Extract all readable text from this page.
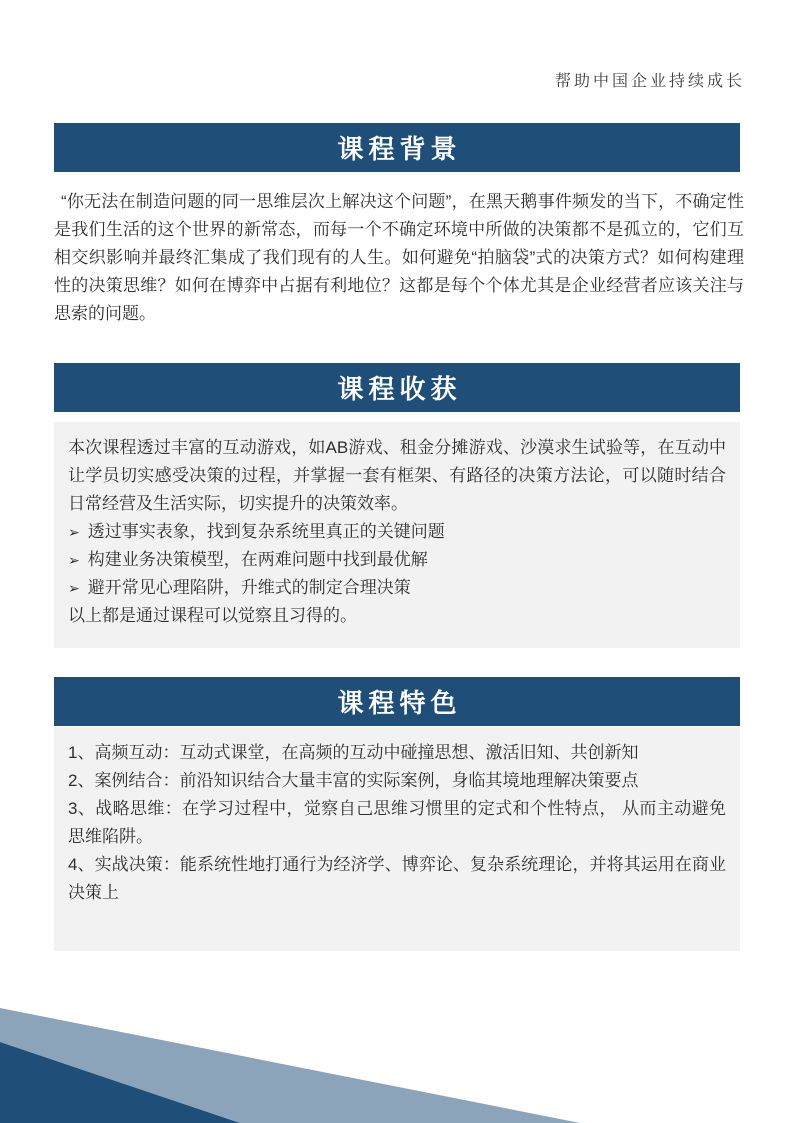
帮助中国企业持续成长
课程背景

“你无法在制造问题的同一思维层次上解决这个问题”，在黑天鹅事件频发的当下，不确定性是我们生活的这个世界的新常态，而每一个不确定环境中所做的决策都不是孤立的，它们互相交织影响并最终汇集成了我们现有的人生。如何避免“拍脑袋”式的决策方式？如何构建理性的决策思维？如何在博弈中占据有利地位？这都是每个个体尤其是企业经营者应该关注与思索的问题。

课程收获

本次课程透过丰富的互动游戏，如AB游戏、租金分摊游戏、沙漠求生试验等，在互动中让学员切实感受决策的过程，并掌握一套有框架、有路径的决策方法论，可以随时结合日常经营及生活实际，切实提升的决策效率。

➢ 透过事实表象，找到复杂系统里真正的关键问题
➢ 构建业务决策模型，在两难问题中找到最优解
➢ 避开常见心理陷阱，升维式的制定合理决策

以上都是通过课程可以觉察且习得的。

课程特色

1、高频互动：互动式课堂，在高频的互动中碰撞思想、激活旧知、共创新知

2、案例结合：前沿知识结合大量丰富的实际案例，身临其境地理解决策要点

3、战略思维：在学习过程中，觉察自己思维习惯里的定式和个性特点， 从而主动避免思维陷阱。

4、实战决策：能系统性地打通行为经济学、博弈论、复杂系统理论，并将其运用在商业决策上
